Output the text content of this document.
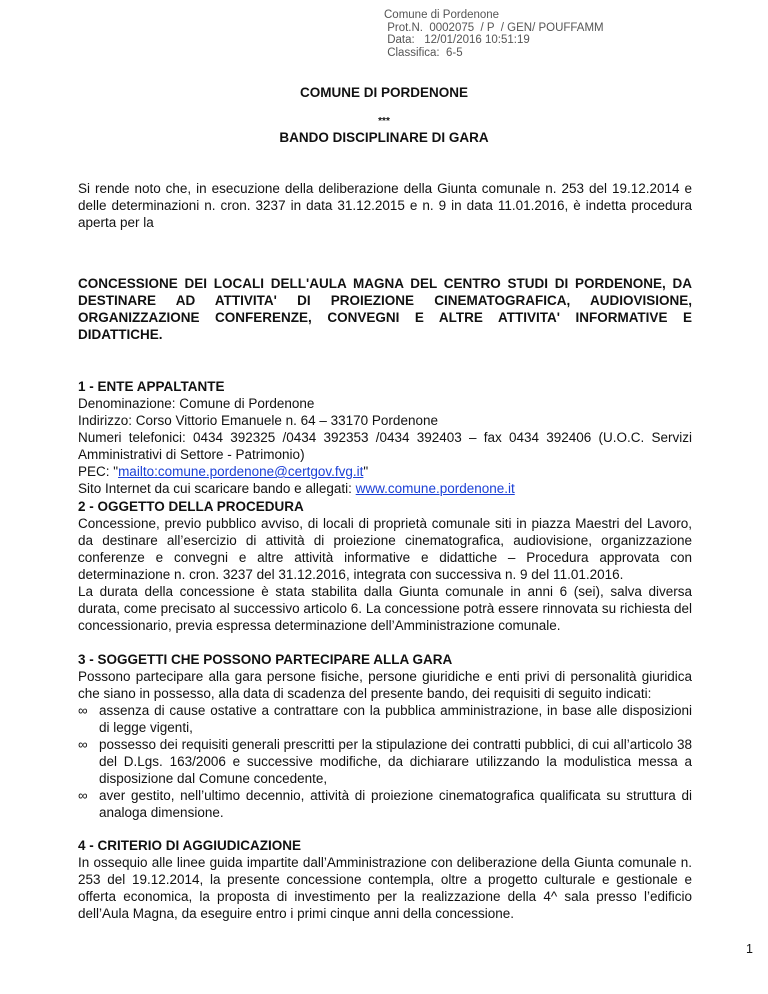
Comune di Pordenone
Prot.N.  0002075  / P  / GEN/ POUFFAMM
Data:   12/01/2016 10:51:19
Classifica:  6-5
COMUNE DI PORDENONE
***
BANDO DISCIPLINARE DI GARA
Si rende noto che, in esecuzione della deliberazione della Giunta comunale n. 253 del 19.12.2014 e delle determinazioni n. cron. 3237 in data 31.12.2015 e n. 9 in data 11.01.2016, è indetta procedura aperta per la
CONCESSIONE DEI LOCALI DELL'AULA MAGNA DEL CENTRO STUDI DI PORDENONE, DA DESTINARE AD ATTIVITA' DI PROIEZIONE CINEMATOGRAFICA, AUDIOVISIONE, ORGANIZZAZIONE CONFERENZE, CONVEGNI E ALTRE ATTIVITA' INFORMATIVE E DIDATTICHE.
1 - ENTE APPALTANTE
Denominazione: Comune di Pordenone
Indirizzo: Corso Vittorio Emanuele n. 64 – 33170 Pordenone
Numeri telefonici: 0434 392325 /0434 392353 /0434 392403 – fax 0434 392406 (U.O.C. Servizi Amministrativi di Settore - Patrimonio)
PEC: "mailto:comune.pordenone@certgov.fvg.it"
Sito Internet da cui scaricare bando e allegati: www.comune.pordenone.it
2 - OGGETTO DELLA PROCEDURA
Concessione, previo pubblico avviso, di locali di proprietà comunale siti in piazza Maestri del Lavoro, da destinare all’esercizio di attività di proiezione cinematografica, audiovisione, organizzazione conferenze e convegni e altre attività informative e didattiche – Procedura approvata con determinazione n. cron. 3237 del 31.12.2016, integrata con successiva n. 9 del 11.01.2016.
La durata della concessione è stata stabilita dalla Giunta comunale in anni 6 (sei), salva diversa durata, come precisato al successivo articolo 6. La concessione potrà essere rinnovata su richiesta del concessionario, previa espressa determinazione dell’Amministrazione comunale.
3 - SOGGETTI CHE POSSONO PARTECIPARE ALLA GARA
Possono partecipare alla gara persone fisiche, persone giuridiche e enti privi di personalità giuridica che siano in possesso, alla data di scadenza del presente bando, dei requisiti di seguito indicati:
∞ assenza di cause ostative a contrattare con la pubblica amministrazione, in base alle disposizioni di legge vigenti,
∞ possesso dei requisiti generali prescritti per la stipulazione dei contratti pubblici, di cui all’articolo 38 del D.Lgs. 163/2006 e successive modifiche, da dichiarare utilizzando la modulistica messa a disposizione dal Comune concedente,
∞ aver gestito, nell’ultimo decennio, attività di proiezione cinematografica qualificata su struttura di analoga dimensione.
4 - CRITERIO DI AGGIUDICAZIONE
In ossequio alle linee guida impartite dall’Amministrazione con deliberazione della Giunta comunale n. 253 del 19.12.2014, la presente concessione contempla, oltre a progetto culturale e gestionale e offerta economica, la proposta di investimento per la realizzazione della 4^ sala presso l’edificio dell’Aula Magna, da eseguire entro i primi cinque anni della concessione.
1
